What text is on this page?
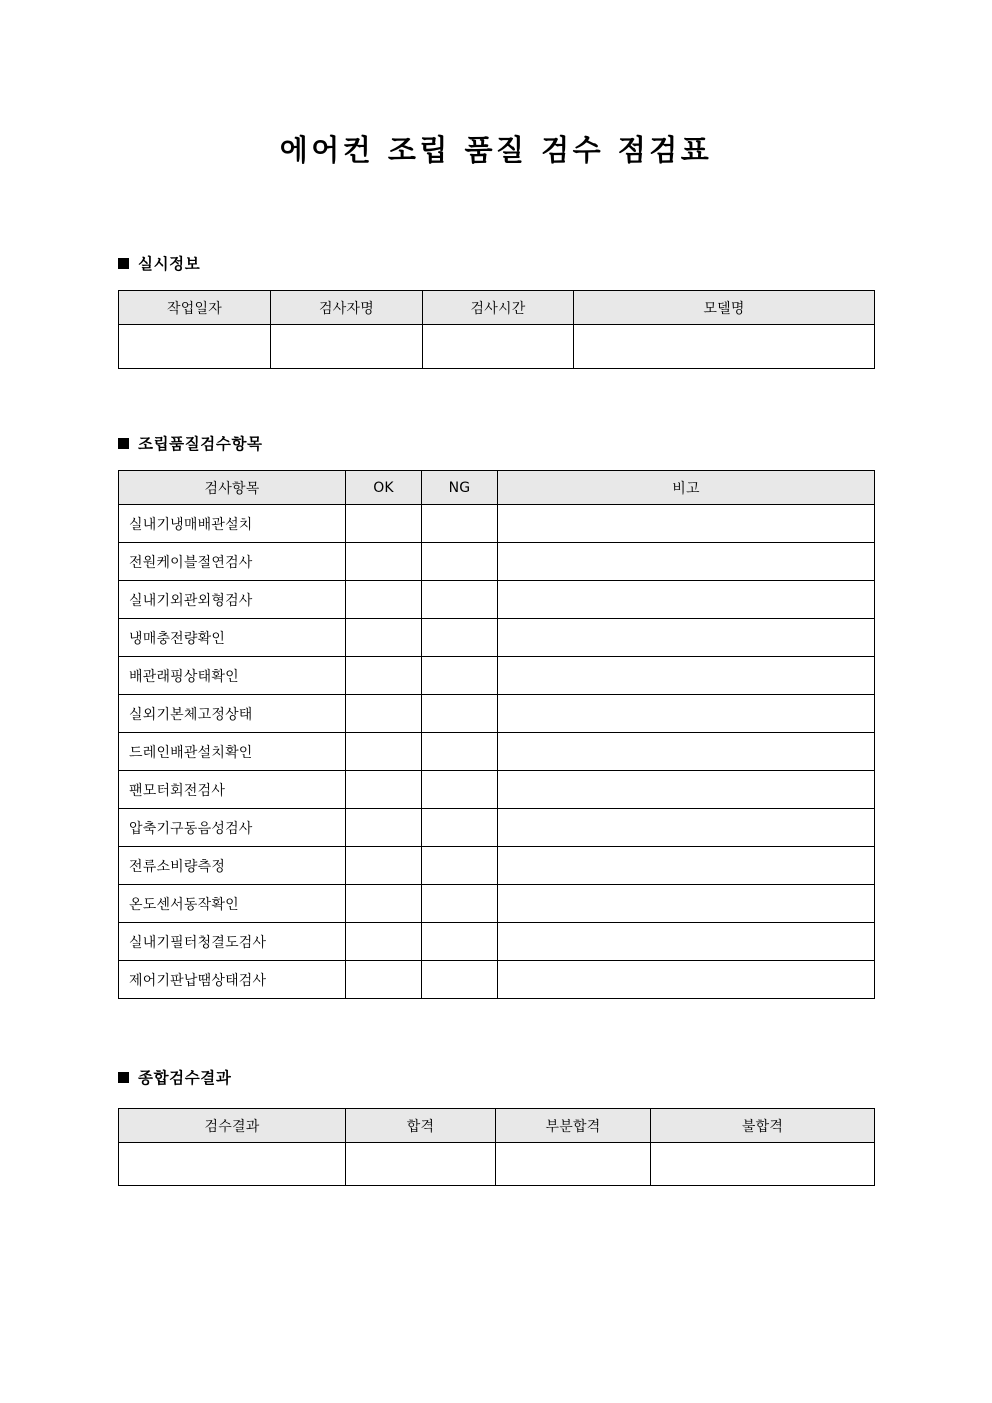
에어컨 조립 품질 검수 점검표
실시정보
작업일자	검사자명	검사시간	모델명

조립품질검수항목
검사항목	OK	NG	비고
실내기냉매배관설치			
전원케이블절연검사			
실내기외관외형검사			
냉매충전량확인			
배관래핑상태확인			
실외기본체고정상태			
드레인배관설치확인			
팬모터회전검사			
압축기구동음성검사			
전류소비량측정			
온도센서동작확인			
실내기필터청결도검사			
제어기판납땜상태검사			
종합검수결과
검수결과	합격	부분합격	불합격
